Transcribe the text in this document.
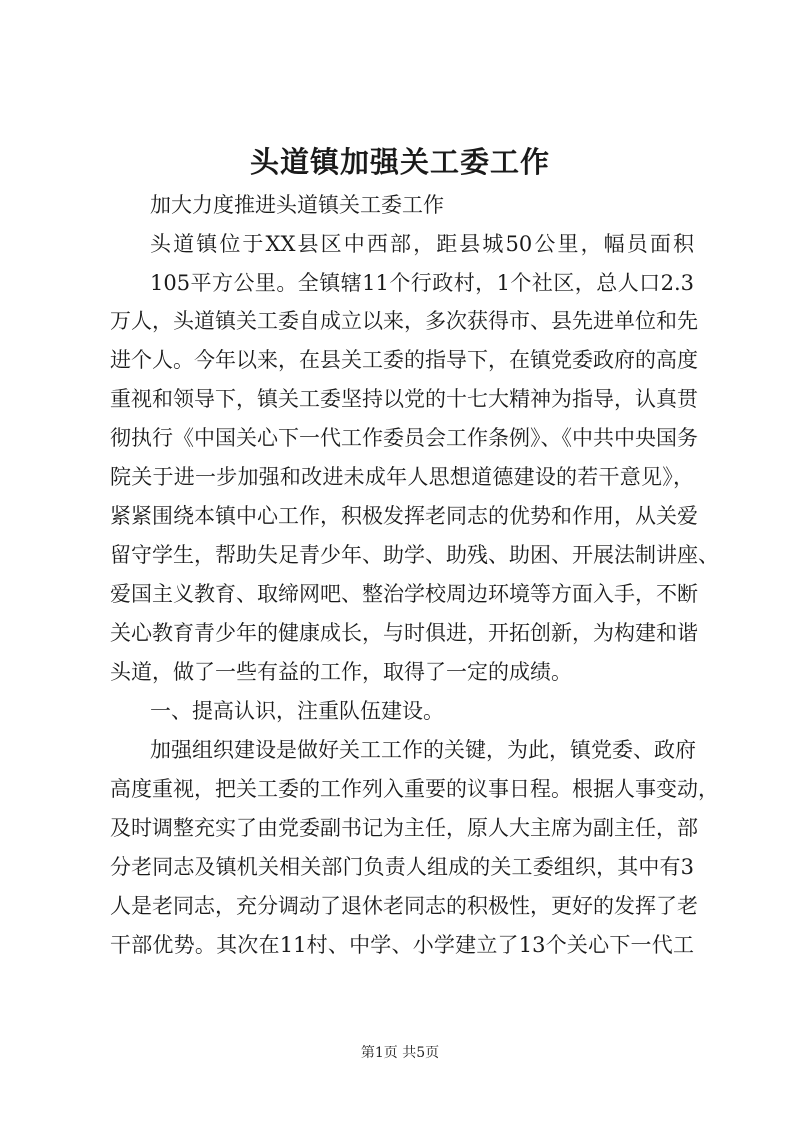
头道镇加强关工委工作
加大力度推进头道镇关工委工作
头道镇位于XX县区中西部，距县城50公里，幅员面积
105平方公里。全镇辖11个行政村，1个社区，总人口2.3
万人，头道镇关工委自成立以来，多次获得市、县先进单位和先
进个人。今年以来，在县关工委的指导下，在镇党委政府的高度
重视和领导下，镇关工委坚持以党的十七大精神为指导，认真贯
彻执行《中国关心下一代工作委员会工作条例》、《中共中央国务
院关于进一步加强和改进未成年人思想道德建设的若干意见》，
紧紧围绕本镇中心工作，积极发挥老同志的优势和作用，从关爱
留守学生，帮助失足青少年、助学、助残、助困、开展法制讲座、
爱国主义教育、取缔网吧、整治学校周边环境等方面入手，不断
关心教育青少年的健康成长，与时俱进，开拓创新，为构建和谐
头道，做了一些有益的工作，取得了一定的成绩。
一、提高认识，注重队伍建设。
加强组织建设是做好关工工作的关键，为此，镇党委、政府
高度重视，把关工委的工作列入重要的议事日程。根据人事变动，
及时调整充实了由党委副书记为主任，原人大主席为副主任，部
分老同志及镇机关相关部门负责人组成的关工委组织，其中有3
人是老同志，充分调动了退休老同志的积极性，更好的发挥了老
干部优势。其次在11村、中学、小学建立了13个关心下一代工
第1页 共5页
